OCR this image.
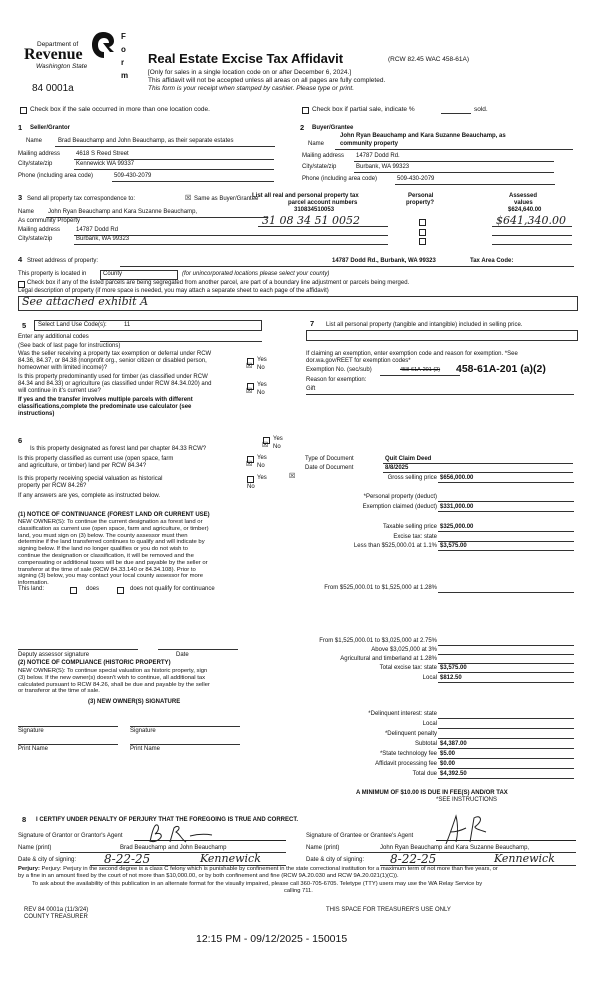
Department of
Revenue
Washington State
F
o
r
m
84 0001a
Real Estate Excise Tax Affidavit	(RCW 82.45 WAC 458-61A)
[Only for sales in a single location code on or after December 6, 2024.]
This affidavit will not be accepted unless all areas on all pages are fully completed.
This form is your receipt when stamped by cashier. Please type or print.
Check box if the sale occurred in more than one location code.	Check box if partial sale, indicate %	sold.
1 Seller/Grantor
Name	Brad Beauchamp and John Beauchamp, as their separate estates
Mailing address	4618 S Reed Street
City/state/zip	Kennewick WA 99337
Phone (including area code)	509-430-2079
2 Buyer/Grantee
John Ryan Beauchamp and Kara Suzanne Beauchamp, as
Name	community property
Mailing address 14787 Dodd Rd.
City/state/zip	Burbank, WA 99323
Phone (including area code)	509-430-2079
3 Send all property tax correspondence to:	☒ Same as Buyer/Grantee
Name John Ryan Beauchamp and Kara Suzanne Beauchamp,
As community Property
Mailing address	14787 Dodd Rd
City/state/zip	Burbank, WA 99323
List all real and personal property tax
parcel account numbers
Personal
property?
Assessed
values
310834510053	$624,640.00
31 08 34 51 0052	$641,340.00
4 Street address of property:	14787 Dodd Rd., Burbank, WA 99323	Tax Area Code:
This property is located in	County	(for unincorporated locations please select your county)
Check box if any of the listed parcels are being segregated from another parcel, are part of a boundary line adjustment or parcels being merged.
Legal description of property (if more space is needed, you may attach a separate sheet to each page of the affidavit)
See attached exhibit A
5 Select Land Use Code(s):	11
Enter any additional codes
(See back of last page for instructions)
Was the seller receiving a property tax exemption or deferral under RCW
84.36, 84.37, or 84.38 (nonprofit org., senior citizen or disabled person,
homeowner with limited income)?
Yes
☒ No
Is this property predominantly used for timber (as classified under RCW
84.34 and 84.33) or agriculture (as classified under RCW 84.34.020) and
will continue in it's current use?
Yes
☒ No
If yes and the transfer involves multiple parcels with different
classifications,complete the predominate use calculator (see
instructions)
7 List all personal property (tangible and intangible) included in selling price.
If claiming an exemption, enter exemption code and reason for exemption. *See
dor.wa.gov/REET for exemption codes*
Exemption No. (sec/sub)	458-61A-201 (2) 458-61A-201 (a)(2)
Reason for exemption:
Gift
6	Yes
☒ No
Is this property designated as forest land per chapter 84.33 RCW?
Is this property classified as current use (open space, farm
and agriculture, or timber) land per RCW 84.34?
Yes
☒ No
Is this property receiving special valuation as historical
property per RCW 84.26?
Yes	☒
No
If any answers are yes, complete as instructed below.
(1) NOTICE OF CONTINUANCE (FOREST LAND OR CURRENT USE)
NEW OWNER(S): To continue the current designation as forest land or
classification as current use (open space, farm and agriculture, or timber)
land, you must sign on (3) below. The county assessor must then
determine if the land transferred continues to qualify and will indicate by
signing below. If the land no longer qualifies or you do not wish to
continue the designation or classification, it will be removed and the
compensating or additional taxes will be due and payable by the seller or
transferor at the time of sale (RCW 84.33.140 or 84.34.108). Prior to
signing (3) below, you may contact your local county assessor for more
information.
This land:	does	does not qualify for continuance
Deputy assessor signature	Date
(2) NOTICE OF COMPLIANCE (HISTORIC PROPERTY)
NEW OWNER(S): To continue special valuation as historic property, sign
(3) below. If the new owner(s) doesn't wish to continue, all additional tax
calculated pursuant to RCW 84.26, shall be due and payable by the seller
or transferor at the time of sale.
(3) NEW OWNER(S) SIGNATURE
Signature	Signature
Print Name	Print Name
Type of Document	Quit Claim Deed
Date of Document	8/8/2025
Gross selling price $656,000.00
*Personal property (deduct)
Exemption claimed (deduct) $331,000.00
Taxable selling price $325,000.00
Excise tax: state
Less than $525,000.01 at 1.1% $3,575.00
From $525,000.01 to $1,525,000 at 1.28%
From $1,525,000.01 to $3,025,000 at 2.75%
Above $3,025,000 at 3%
Agricultural and timberland at 1.28%
Total excise tax: state $3,575.00
Local $812.50
*Delinquent interest: state
Local
*Delinquent penalty
Subtotal $4,387.00
*State technology fee $5.00
Affidavit processing fee $0.00
Total due $4,392.50
A MINIMUM OF $10.00 IS DUE IN FEE(S) AND/OR TAX
*SEE INSTRUCTIONS
8 I CERTIFY UNDER PENALTY OF PERJURY THAT THE FOREGOING IS TRUE AND CORRECT.
Signature of Grantor or Grantor's Agent	Signature of Grantee or Grantee's Agent
Name (print)	Brad Beauchamp and John Beauchamp	Name (print)	John Ryan Beauchamp and Kara Suzanne Beauchamp,
Date & city of signing: 8-22-25	Kennewick	Date & city of signing: 8-22-25	Kennewick
Perjury: Perjury: Perjury in the second degree is a class C felony which is punishable by confinement in the state correctional institution for a maximum term of not more than five years, or
by a fine in an amount fixed by the court of not more than $10,000.00, or by both confinement and fine (RCW 9A.20.030 and RCW 9A.20.021(1)(C)).
To ask about the availability of this publication in an alternate format for the visually impaired, please call 360-705-6705. Teletype (TTY) users may use the WA Relay Service by
calling 711.
REV 84 0001a (11/3/24)
COUNTY TREASURER
THIS SPACE FOR TREASURER'S USE ONLY
12:15 PM - 09/12/2025 - 150015
